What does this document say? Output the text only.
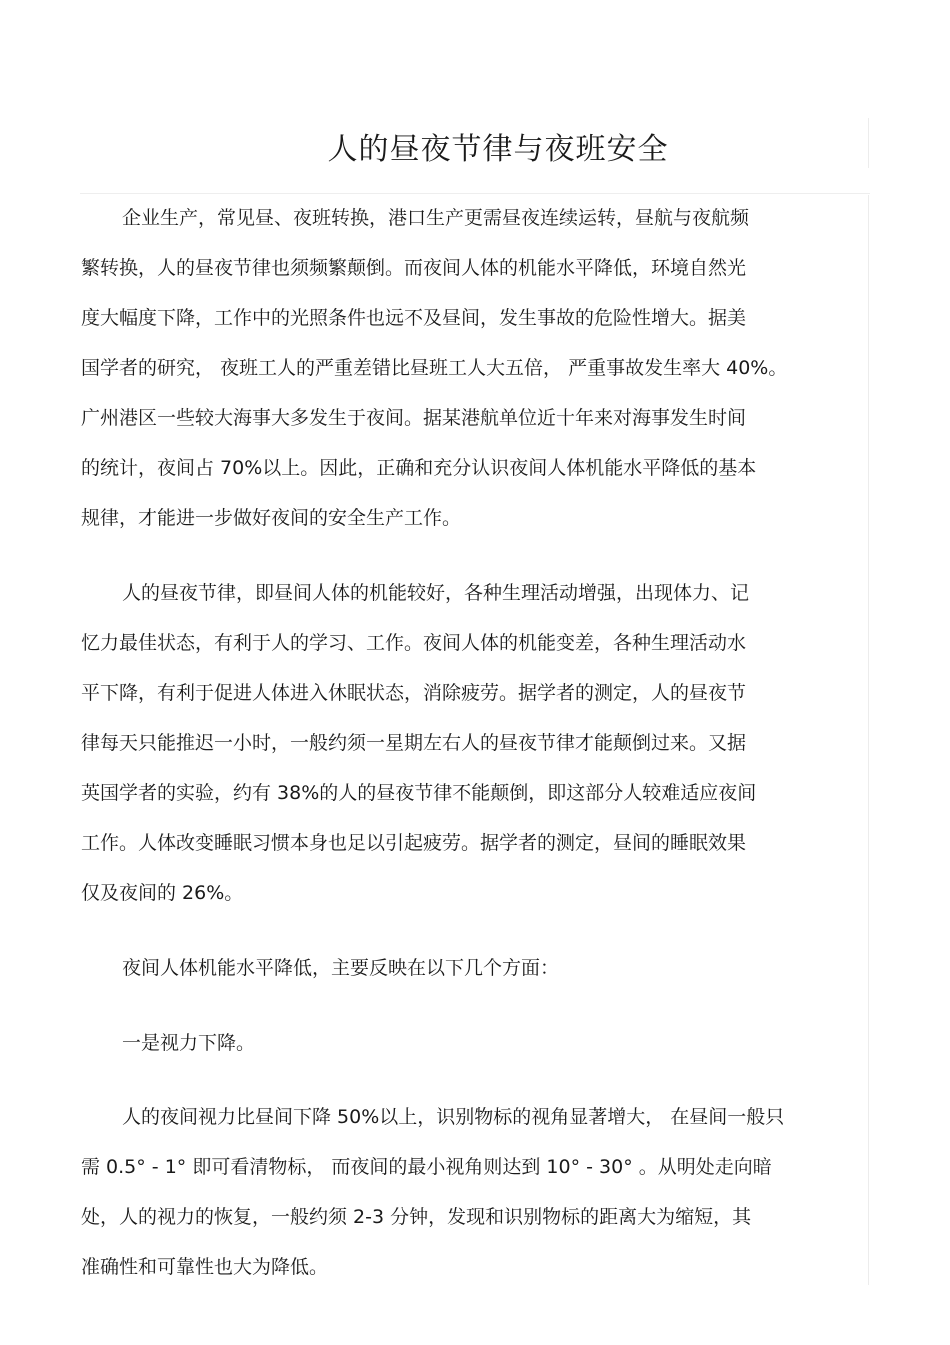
人的昼夜节律与夜班安全
企业生产，常见昼、夜班转换，港口生产更需昼夜连续运转，昼航与夜航频
繁转换，人的昼夜节律也须频繁颠倒。而夜间人体的机能水平降低，环境自然光
度大幅度下降，工作中的光照条件也远不及昼间，发生事故的危险性增大。据美
国学者的研究， 夜班工人的严重差错比昼班工人大五倍， 严重事故发生率大 40%。
广州港区一些较大海事大多发生于夜间。据某港航单位近十年来对海事发生时间
的统计，夜间占 70%以上。因此，正确和充分认识夜间人体机能水平降低的基本
规律，才能进一步做好夜间的安全生产工作。
人的昼夜节律，即昼间人体的机能较好，各种生理活动增强，出现体力、记
忆力最佳状态，有利于人的学习、工作。夜间人体的机能变差，各种生理活动水
平下降，有利于促进人体进入休眠状态，消除疲劳。据学者的测定，人的昼夜节
律每天只能推迟一小时，一般约须一星期左右人的昼夜节律才能颠倒过来。又据
英国学者的实验，约有 38%的人的昼夜节律不能颠倒，即这部分人较难适应夜间
工作。人体改变睡眠习惯本身也足以引起疲劳。据学者的测定，昼间的睡眠效果
仅及夜间的 26%。
夜间人体机能水平降低，主要反映在以下几个方面：
一是视力下降。
人的夜间视力比昼间下降 50%以上，识别物标的视角显著增大， 在昼间一般只
需 0.5° - 1° 即可看清物标， 而夜间的最小视角则达到 10° - 30° 。从明处走向暗
处，人的视力的恢复，一般约须 2-3 分钟，发现和识别物标的距离大为缩短，其
准确性和可靠性也大为降低。
